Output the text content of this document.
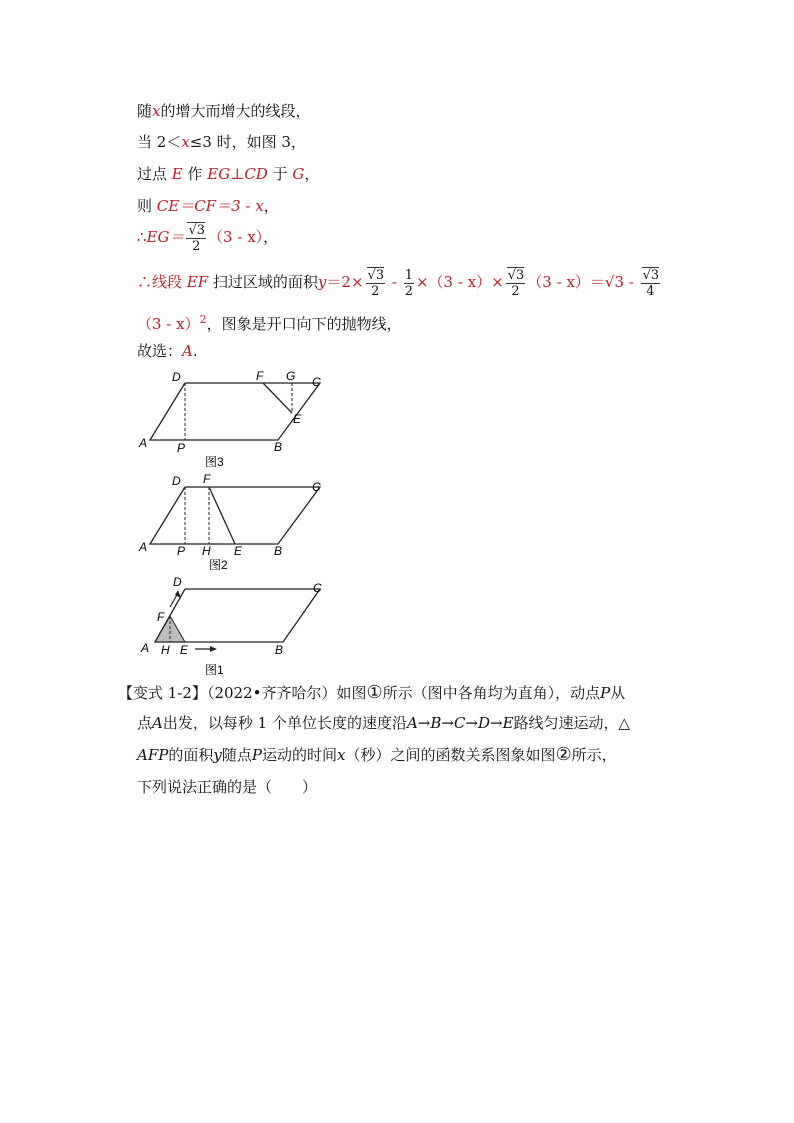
随x的增大而增大的线段，
当 2＜x≤3 时，如图 3，
过点 E 作 EG⊥CD 于 G，
则 CE＝CF＝3 - x，
∴EG＝ $\frac{√3}{2} (3 - x)$，
∴线段 EF 扫过区域的面积$y=2\times \frac{√3}{2} - \frac{1}{2} \times(3 - x)\times \frac{√3}{2} (3 - x)=√3 - \frac{√3}{4}$
（3 - x）$^2$，图象是开口向下的抛物线，
故选：A.
D	F G C
E
A P	B
图3
D F
C
A P H E	B
图2
D
F
C
A H E	B
图1
【变式 1-2】（2022•齐齐哈尔）如图①所示（图中各角均为直角），动点P从
点A出发，以每秒 1 个单位长度的速度沿A→B→C→D→E路线匀速运动，△
AFP的面积y随点P运动的时间x（秒）之间的函数关系图象如图②所示，
下列说法正确的是（　　）
